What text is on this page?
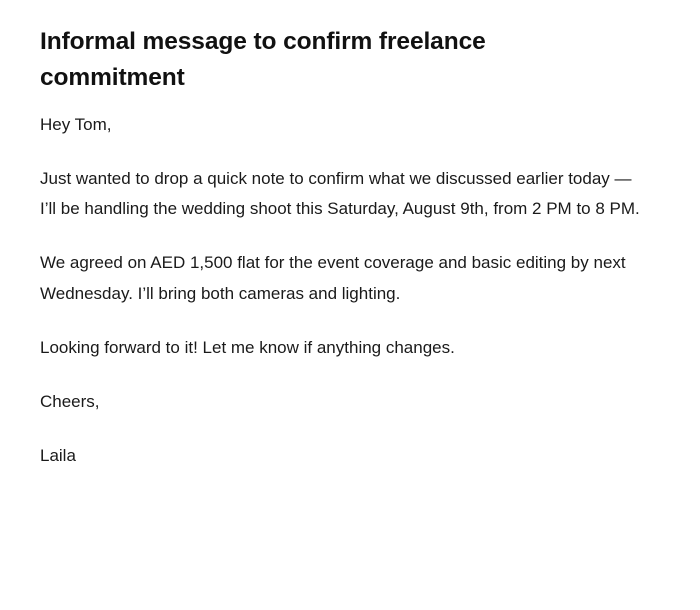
Informal message to confirm freelance commitment

Hey Tom,

Just wanted to drop a quick note to confirm what we discussed earlier today — I’ll be handling the wedding shoot this Saturday, August 9th, from 2 PM to 8 PM.

We agreed on AED 1,500 flat for the event coverage and basic editing by next Wednesday. I’ll bring both cameras and lighting.

Looking forward to it! Let me know if anything changes.

Cheers,

Laila
